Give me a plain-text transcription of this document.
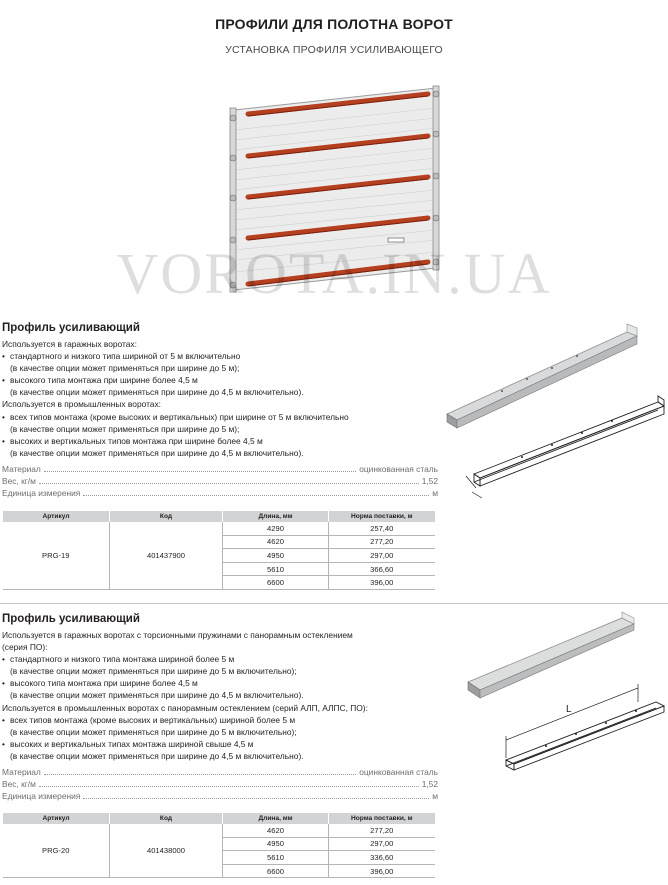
ПРОФИЛИ ДЛЯ ПОЛОТНА ВОРОТ
УСТАНОВКА ПРОФИЛЯ УСИЛИВАЮЩЕГО
VOROTA.IN.UA
Профиль усиливающий
Используется в гаражных воротах:
• стандартного и низкого типа шириной от 5 м включительно
(в качестве опции может применяться при ширине до 5 м);
• высокого типа монтажа при ширине более 4,5 м
(в качестве опции может применяться при ширине до 4,5 м включительно).
Используется в промышленных воротах:
• всех типов монтажа (кроме высоких и вертикальных) при ширине от 5 м включительно
(в качестве опции может применяться при ширине до 5 м);
• высоких и вертикальных типов монтажа при ширине более 4,5 м
(в качестве опции может применяться при ширине до 4,5 м включительно).
Материал	оцинкованная сталь
Вес, кг/м	1,52
Единица измерения	м
Артикул	Код	Длина, мм	Норма поставки, м
PRG-19	401437900	4290	257,40
		4620	277,20
		4950	297,00
		5610	366,60
		6600	396,00
Профиль усиливающий
Используется в гаражных воротах с торсионными пружинами с панорамным остеклением
(серия ПО):
• стандартного и низкого типа монтажа шириной более 5 м
(в качестве опции может применяться при ширине до 5 м включительно);
• высокого типа монтажа при ширине более 4,5 м
(в качестве опции может применяться при ширине до 4,5 м включительно).
Используется в промышленных воротах с панорамным остеклением (серий АЛП, АЛПС, ПО):
• всех типов монтажа (кроме высоких и вертикальных) шириной более 5 м
(в качестве опции может применяться при ширине до 5 м включительно);
• высоких и вертикальных типах монтажа шириной свыше 4,5 м
(в качестве опции может применяться при ширине до 4,5 м включительно).
Материал	оцинкованная сталь
Вес, кг/м	1,52
Единица измерения	м
L
Артикул	Код	Длина, мм	Норма поставки, м
PRG-20	401438000	4620	277,20
		4950	297,00
		5610	336,60
		6600	396,00
